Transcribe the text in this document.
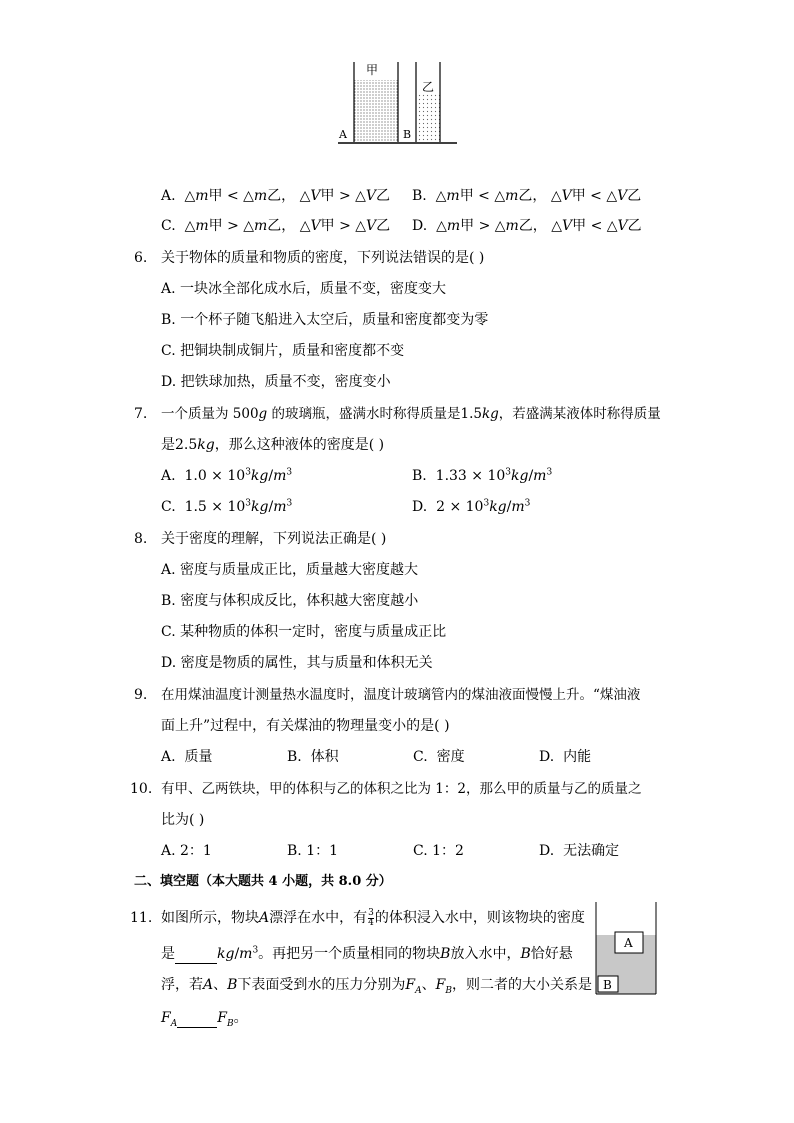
甲
乙
A	B
A. △𝑚甲 < △𝑚乙， △𝑉甲 > △𝑉乙 B. △𝑚甲 < △𝑚乙， △𝑉甲 < △𝑉乙
C. △𝑚甲 > △𝑚乙， △𝑉甲 > △𝑉乙 D. △𝑚甲 > △𝑚乙， △𝑉甲 < △𝑉乙
6. 关于物体的质量和物质的密度，下列说法错误的是( )
A. 一块冰全部化成水后，质量不变，密度变大
B. 一个杯子随飞船进入太空后，质量和密度都变为零
C. 把铜块制成铜片，质量和密度都不变
D. 把铁球加热，质量不变，密度变小
7. 一个质量为 500𝑔 的玻璃瓶，盛满水时称得质量是1.5𝑘𝑔，若盛满某液体时称得质量
是2.5𝑘𝑔，那么这种液体的密度是( )
A. $1.0 \times 10^3𝑘𝑔/𝑚^3$	B. $1.33 \times 10^3𝑘𝑔/𝑚^3$
C. $1.5 \times 10^3𝑘𝑔/𝑚^3$	D. $2 \times 10^3𝑘𝑔/𝑚^3$
8. 关于密度的理解，下列说法正确是( )
A. 密度与质量成正比，质量越大密度越大
B. 密度与体积成反比，体积越大密度越小
C. 某种物质的体积一定时，密度与质量成正比
D. 密度是物质的属性，其与质量和体积无关
9. 在用煤油温度计测量热水温度时，温度计玻璃管内的煤油液面慢慢上升。“煤油液
面上升”过程中，有关煤油的物理量变小的是( )
A. 质量	B. 体积	C. 密度	D. 内能
10. 有甲、乙两铁块，甲的体积与乙的体积之比为 1：2，那么甲的质量与乙的质量之
比为( )
A. 2：1	B. 1：1	C. 1：2	D. 无法确定
二、填空题（本大题共 4 小题，共 8.0 分）
11. 如图所示，物块𝐴漂浮在水中，有 $\frac{3}{4}$ 的体积浸入水中，则该物块的密度
是	𝑘𝑔/𝑚$^3$。再把另一个质量相同的物块𝐵放入水中，𝐵恰好悬
浮，若𝐴、𝐵下表面受到水的压力分别为𝐹$_𝐴$、𝐹$_𝐵$，则二者的大小关系是
𝐹$_𝐴$	𝐹$_𝐵$。
A
B
